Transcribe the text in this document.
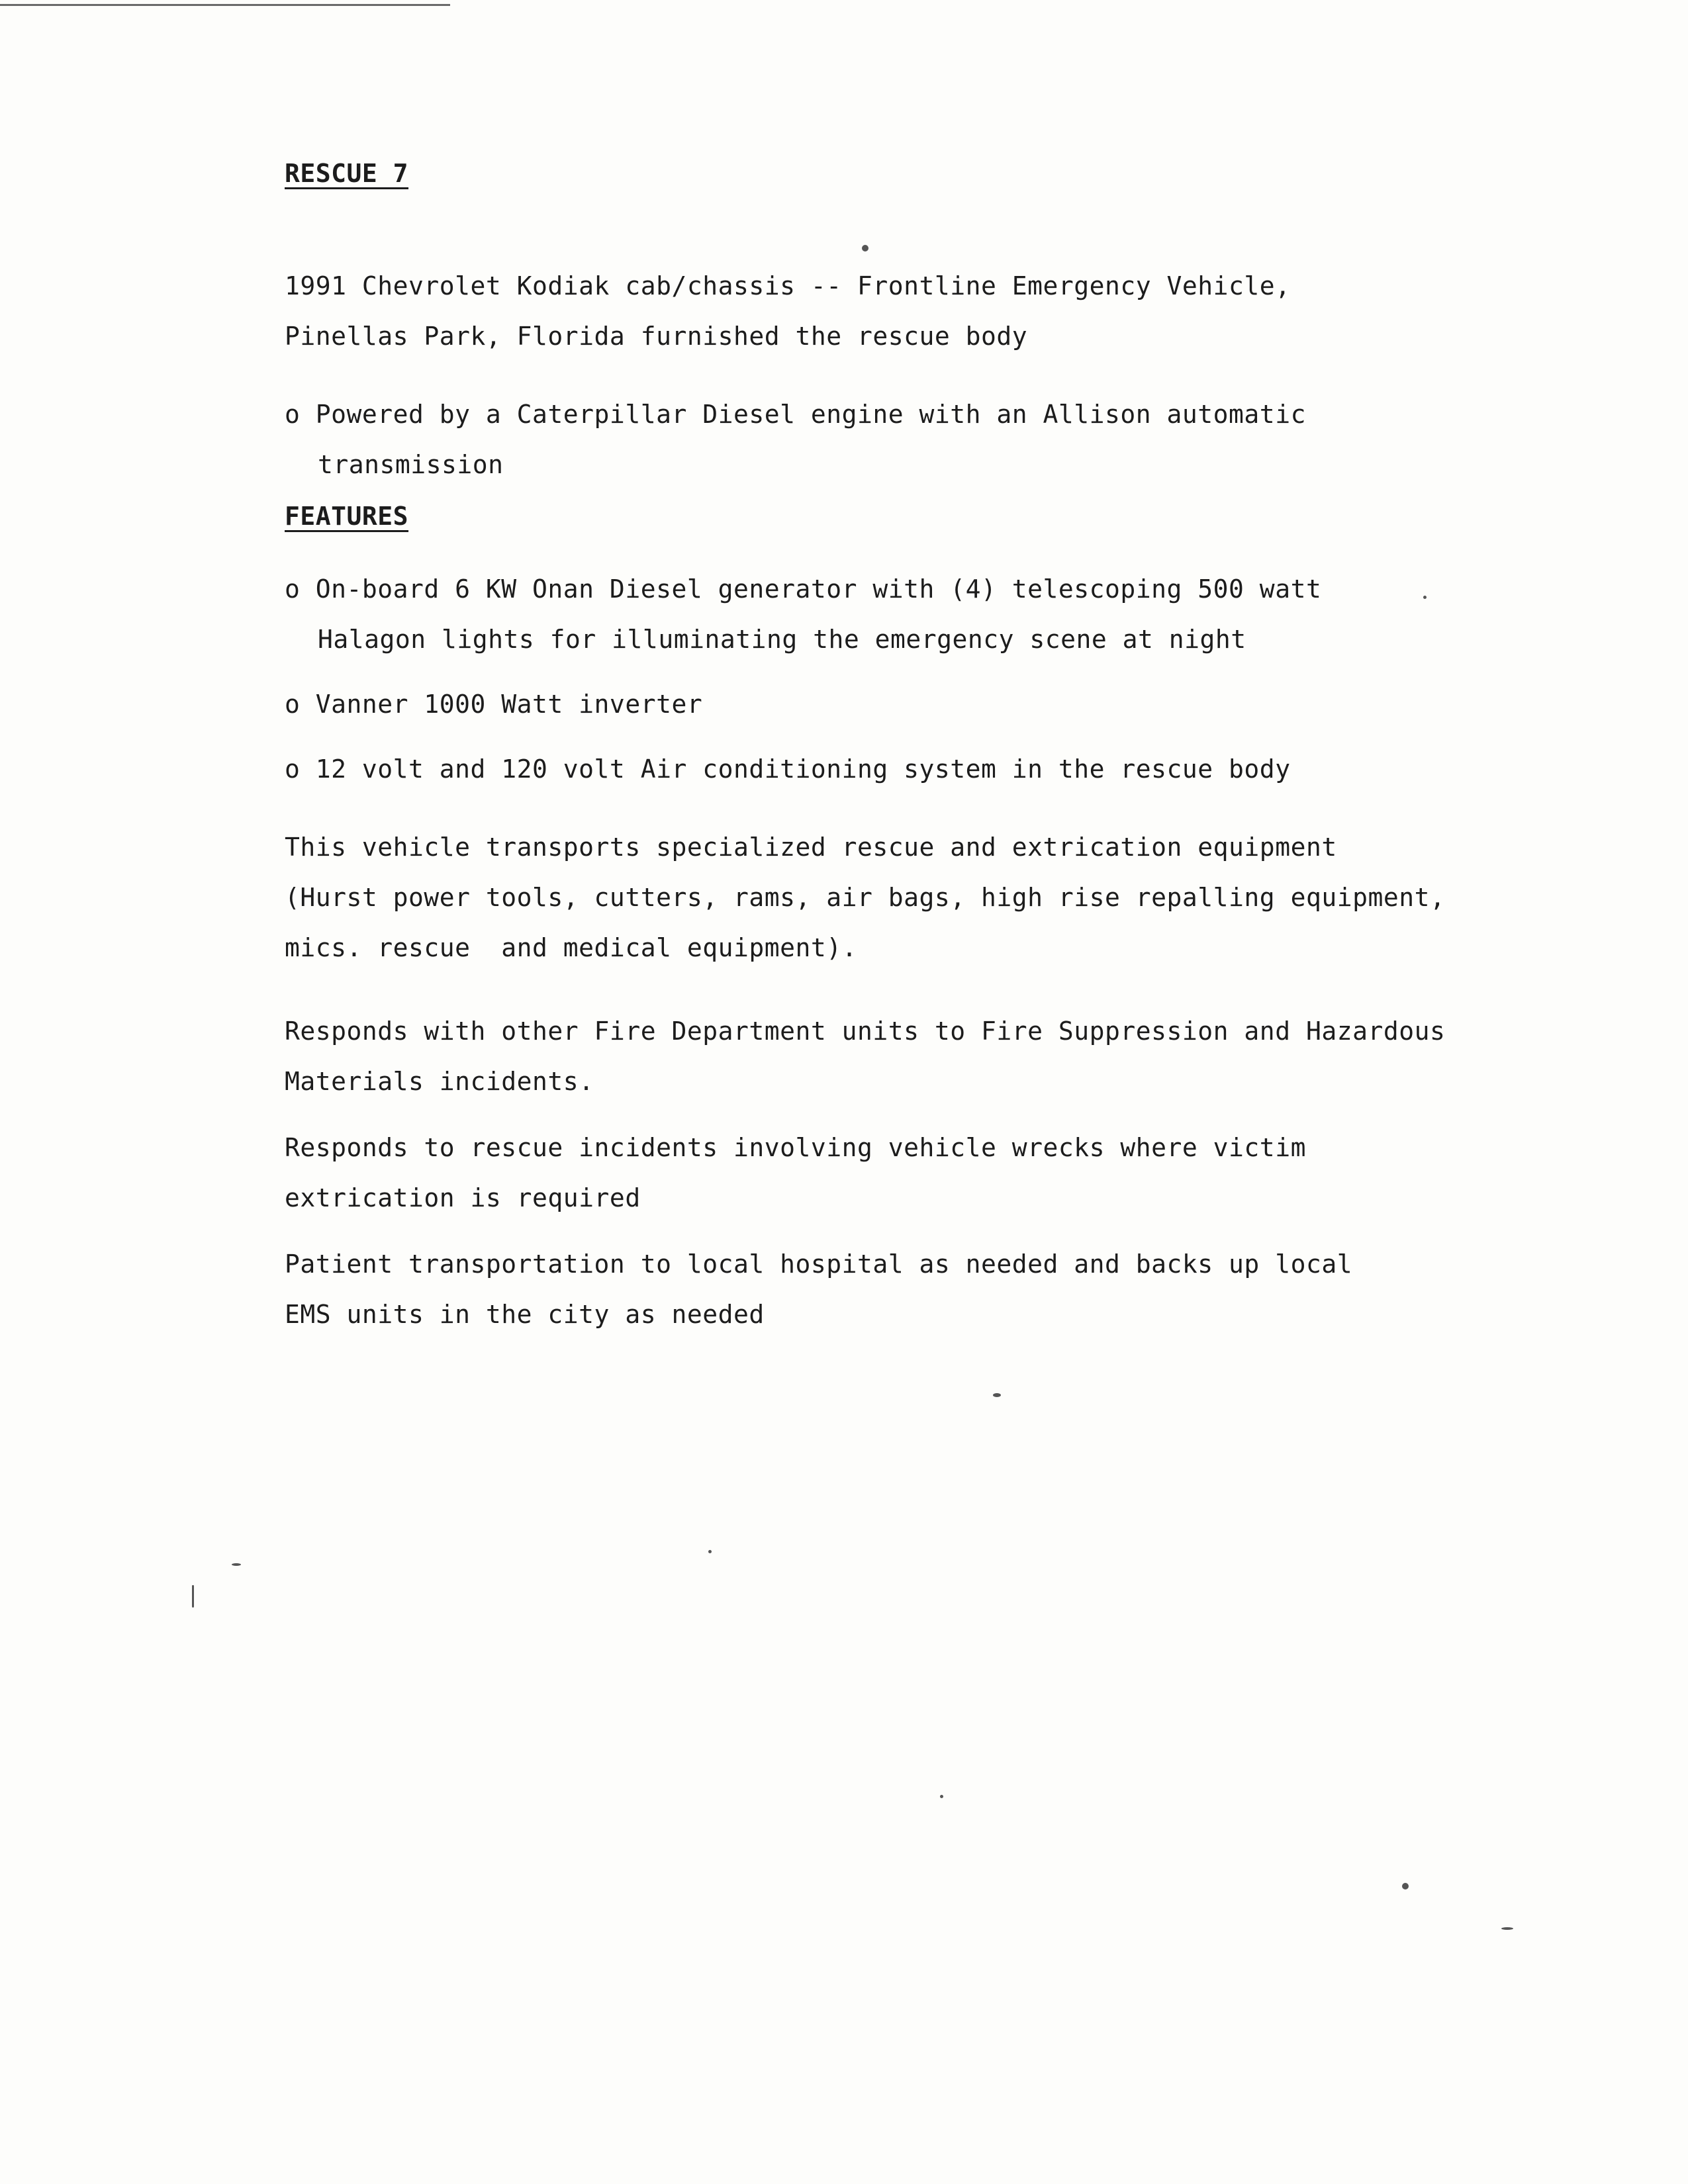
RESCUE 7
1991 Chevrolet Kodiak cab/chassis -- Frontline Emergency Vehicle,
Pinellas Park, Florida furnished the rescue body
o Powered by a Caterpillar Diesel engine with an Allison automatic
transmission
FEATURES
o On-board 6 KW Onan Diesel generator with (4) telescoping 500 watt
Halagon lights for illuminating the emergency scene at night
o Vanner 1000 Watt inverter
o 12 volt and 120 volt Air conditioning system in the rescue body
This vehicle transports specialized rescue and extrication equipment
(Hurst power tools, cutters, rams, air bags, high rise repalling equipment,
mics. rescue  and medical equipment).
Responds with other Fire Department units to Fire Suppression and Hazardous
Materials incidents.
Responds to rescue incidents involving vehicle wrecks where victim
extrication is required
Patient transportation to local hospital as needed and backs up local
EMS units in the city as needed
